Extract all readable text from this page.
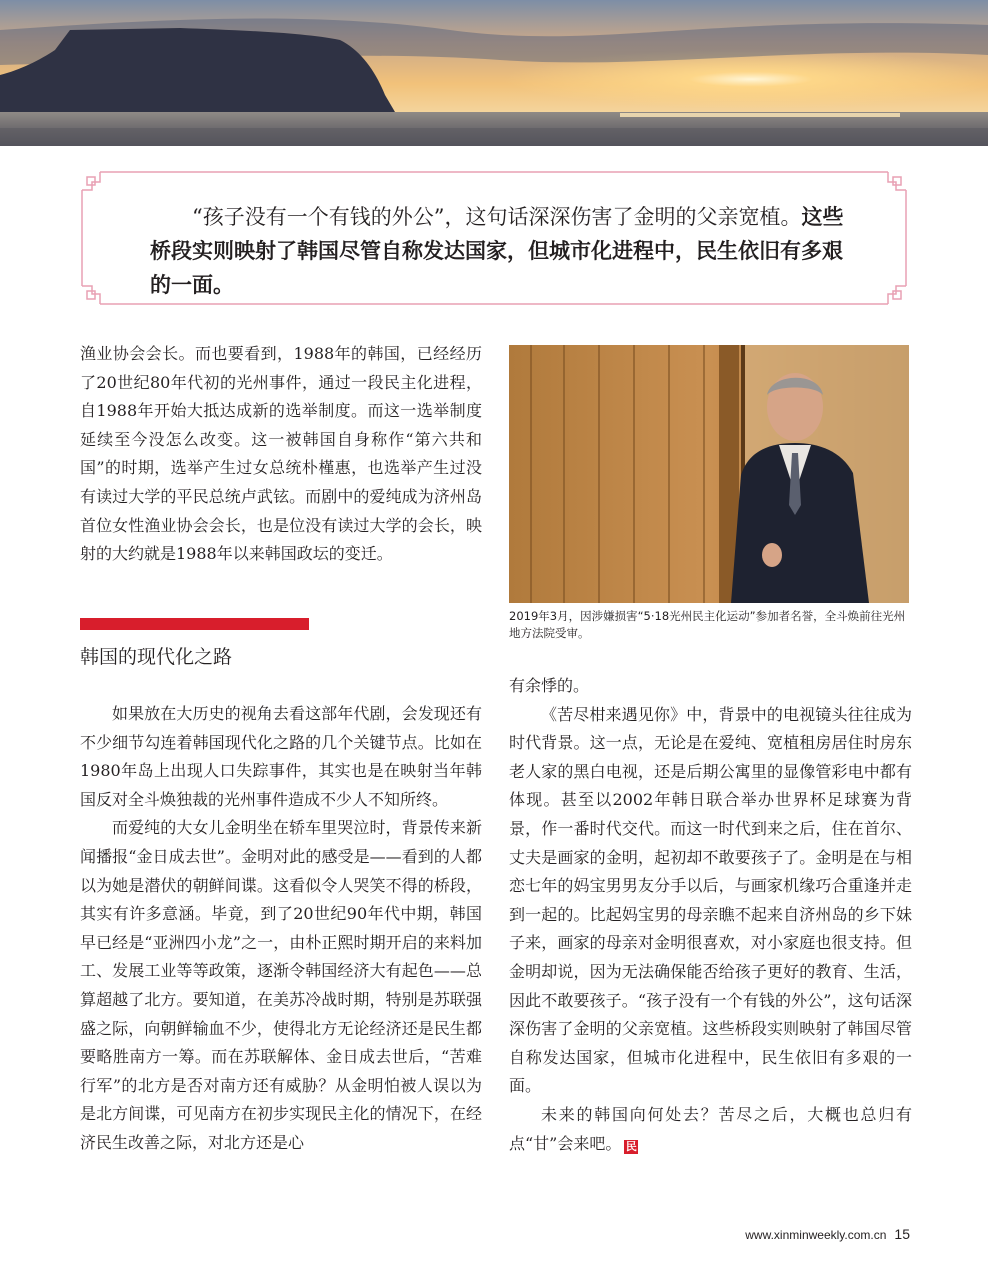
“孩子没有一个有钱的外公”，这句话深深伤害了金明的父亲宽植。这些桥段实则映射了韩国尽管自称发达国家，但城市化进程中，民生依旧有多艰的一面。

渔业协会会长。而也要看到，1988年的韩国，已经经历了20世纪80年代初的光州事件，通过一段民主化进程，自1988年开始大抵达成新的选举制度。而这一选举制度延续至今没怎么改变。这一被韩国自身称作“第六共和国”的时期，选举产生过女总统朴槿惠，也选举产生过没有读过大学的平民总统卢武铉。而剧中的爱纯成为济州岛首位女性渔业协会会长，也是位没有读过大学的会长，映射的大约就是1988年以来韩国政坛的变迁。

韩国的现代化之路

如果放在大历史的视角去看这部年代剧，会发现还有不少细节勾连着韩国现代化之路的几个关键节点。比如在1980年岛上出现人口失踪事件，其实也是在映射当年韩国反对全斗焕独裁的光州事件造成不少人不知所终。

而爱纯的大女儿金明坐在轿车里哭泣时，背景传来新闻播报“金日成去世”。金明对此的感受是——看到的人都以为她是潜伏的朝鲜间谍。这看似令人哭笑不得的桥段，其实有许多意涵。毕竟，到了20世纪90年代中期，韩国早已经是“亚洲四小龙”之一，由朴正熙时期开启的来料加工、发展工业等等政策，逐渐令韩国经济大有起色——总算超越了北方。要知道，在美苏冷战时期，特别是苏联强盛之际，向朝鲜输血不少，使得北方无论经济还是民生都要略胜南方一筹。而在苏联解体、金日成去世后，“苦难行军”的北方是否对南方还有威胁？从金明怕被人误以为是北方间谍，可见南方在初步实现民主化的情况下，在经济民生改善之际，对北方还是心

2019年3月，因涉嫌损害“5·18光州民主化运动”参加者名誉，全斗焕前往光州地方法院受审。

有余悸的。

《苦尽柑来遇见你》中，背景中的电视镜头往往成为时代背景。这一点，无论是在爱纯、宽植租房居住时房东老人家的黑白电视，还是后期公寓里的显像管彩电中都有体现。甚至以2002年韩日联合举办世界杯足球赛为背景，作一番时代交代。而这一时代到来之后，住在首尔、丈夫是画家的金明，起初却不敢要孩子了。金明是在与相恋七年的妈宝男男友分手以后，与画家机缘巧合重逢并走到一起的。比起妈宝男的母亲瞧不起来自济州岛的乡下妹子来，画家的母亲对金明很喜欢，对小家庭也很支持。但金明却说，因为无法确保能否给孩子更好的教育、生活，因此不敢要孩子。“孩子没有一个有钱的外公”，这句话深深伤害了金明的父亲宽植。这些桥段实则映射了韩国尽管自称发达国家，但城市化进程中，民生依旧有多艰的一面。

未来的韩国向何处去？苦尽之后，大概也总归有点“甘”会来吧。 民

www.xinminweekly.com.cn 15
